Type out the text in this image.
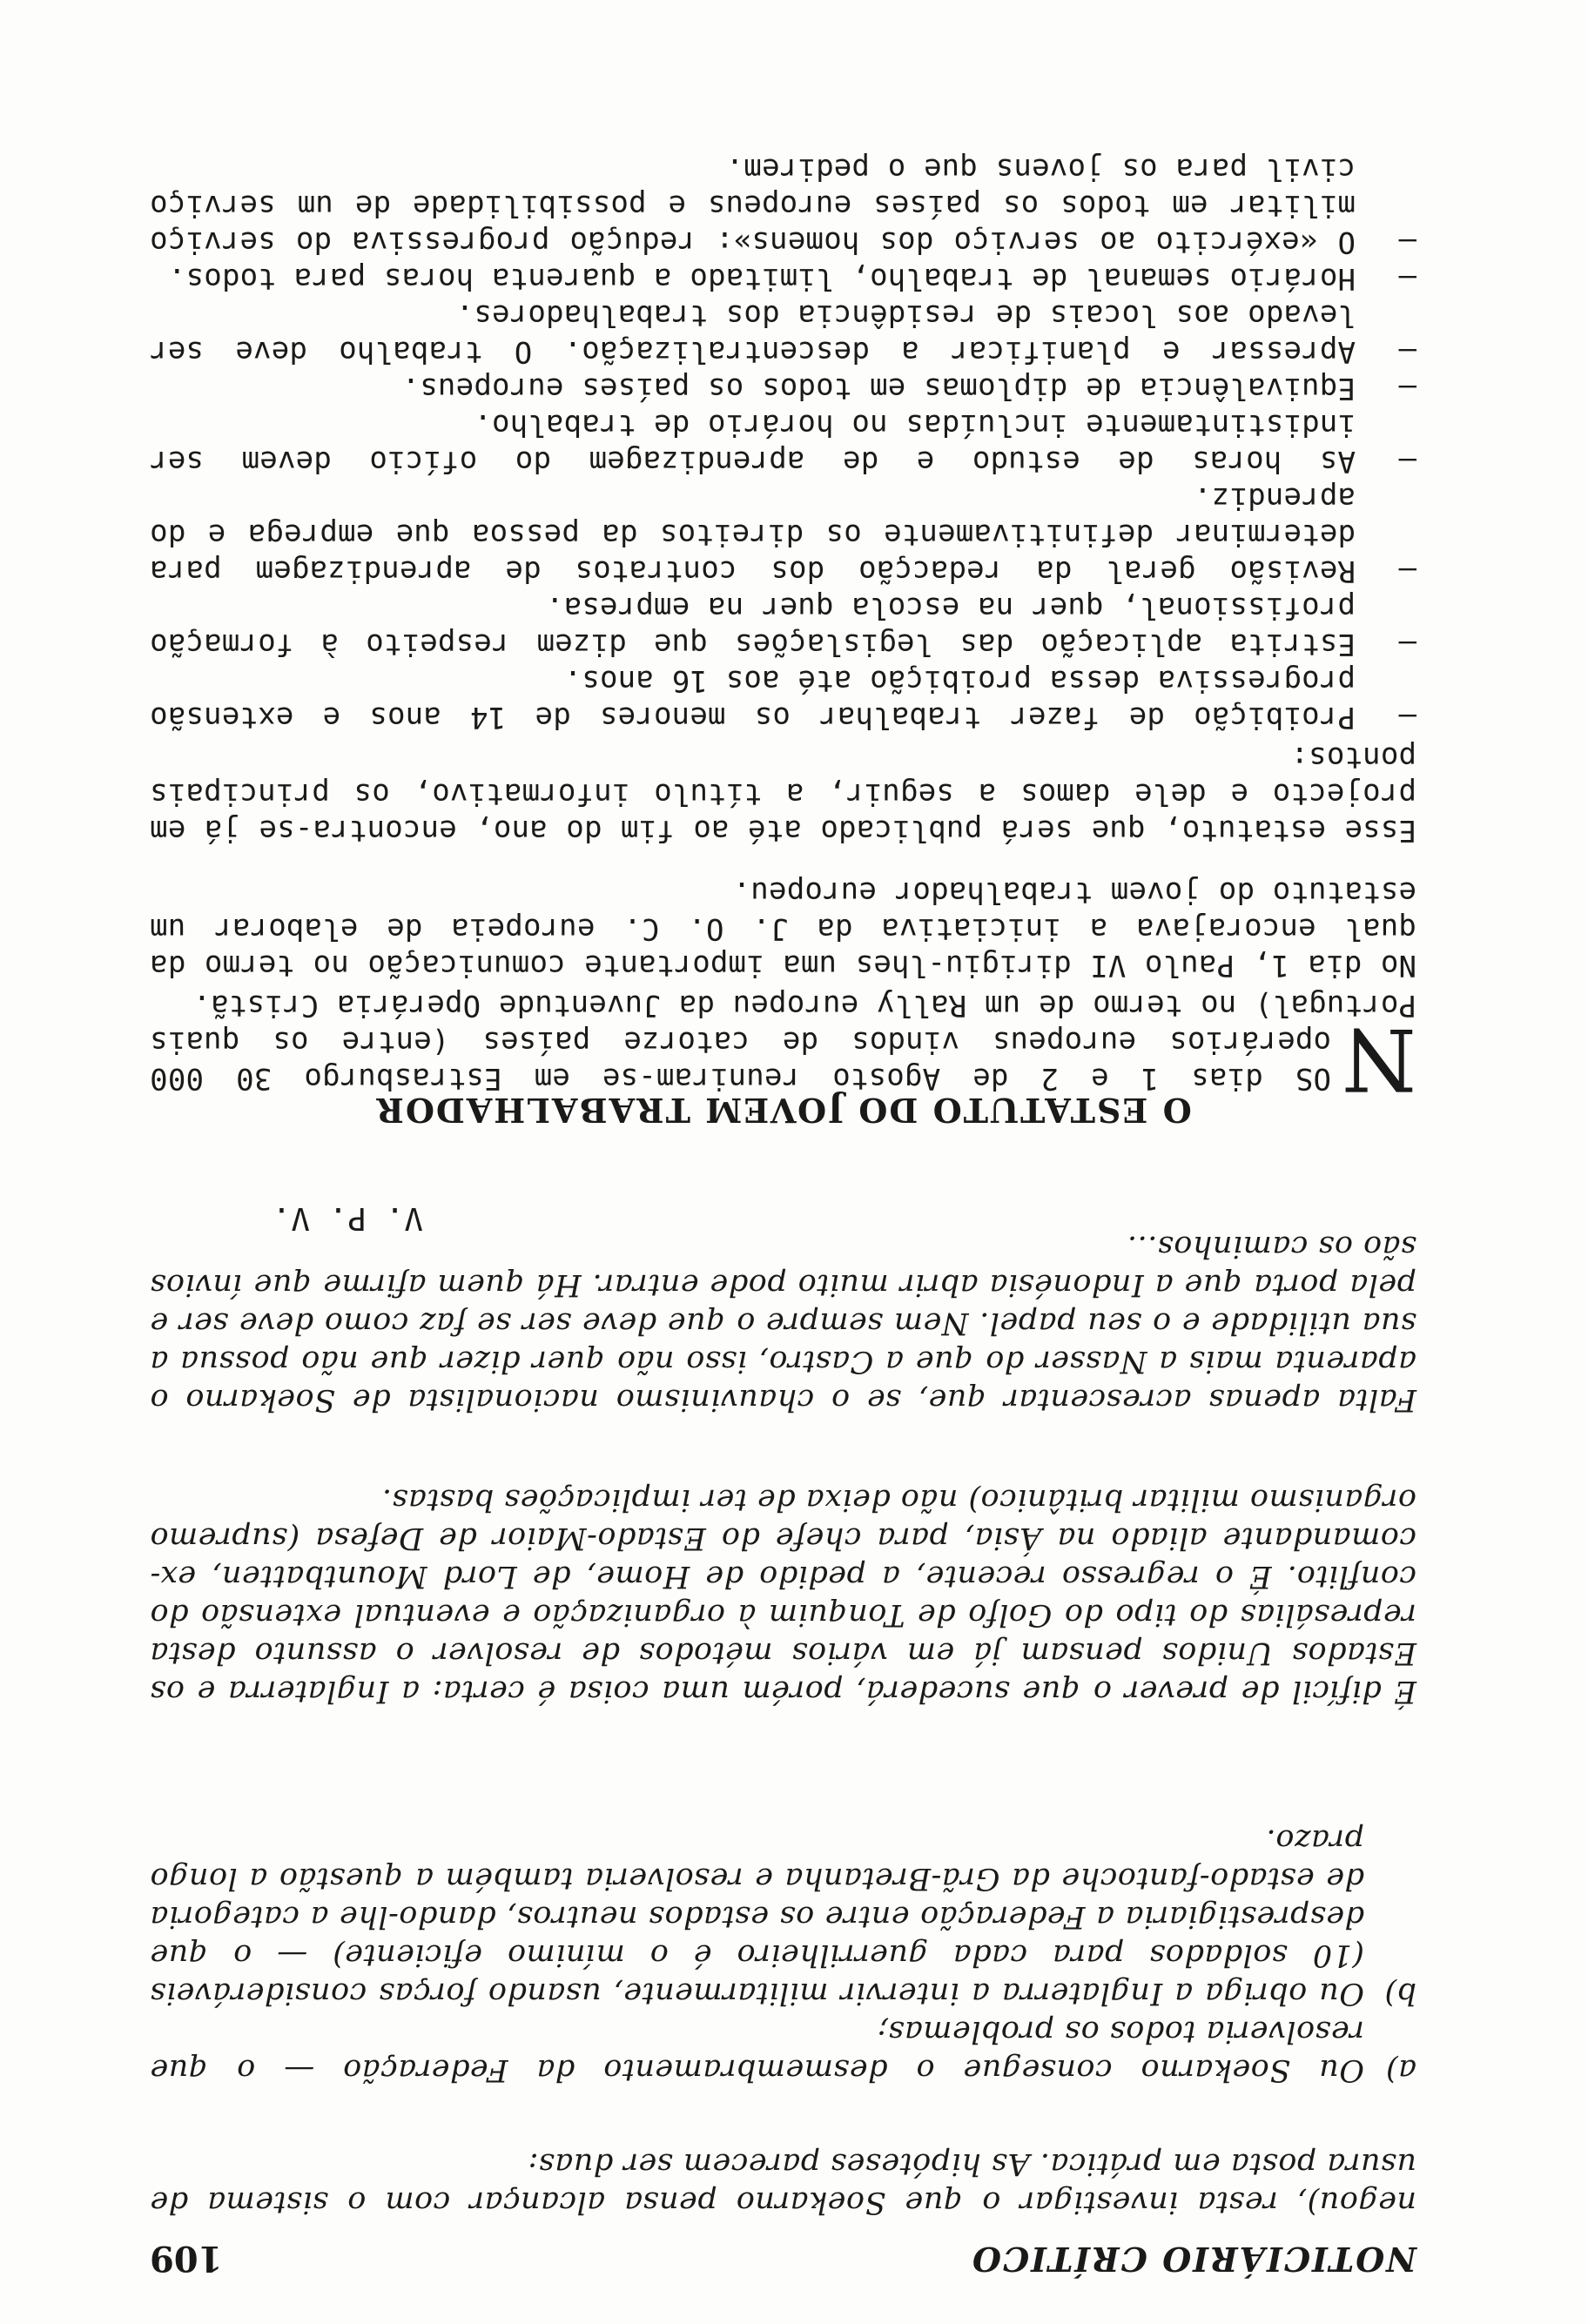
NOTICIÁRIO CRÍTICO
109

negou), resta investigar o que Soekarno pensa alcançar com o sistema de usura posta em prática. As hipóteses parecem ser duas:

a)
Ou Soekarno consegue o desmembramento da Federação — o que resolveria todos os problemas;
b)
Ou obriga a Inglaterra a intervir militarmente, usando forças consideráveis (10 soldados para cada guerrilheiro é o mínimo eficiente) — o que desprestigiaria a Federação entre os estados neutros, dando-lhe a categoria de estado-fantoche da Grã-Bretanha e resolveria também a questão a longo prazo.

É difícil de prever o que sucederá, porém uma coisa é certa: a Inglaterra e os Estados Unidos pensam já em vários métodos de resolver o assunto desta represálias do tipo do Golfo de Tonquim à organização e eventual extensão do conflito. É o regresso recente, a pedido de Home, de Lord Mountbatten, ex-comandante aliado na Ásia, para chefe do Estado-Maior de Defesa (supremo organismo militar britânico) não deixa de ter implicações bastas.

Falta apenas acrescentar que, se o chauvinismo nacionalista de Soekarno o aparenta mais a Nasser do que a Castro, isso não quer dizer que não possua a sua utilidade e o seu papel. Nem sempre o que deve ser se faz como deve ser e pela porta que a Indonésia abrir muito pode entrar. Há quem afirme que ínvios são os caminhos...

V. P. V.
O ESTATUTO DO JOVEM TRABALHADOR
N
OS dias 1 e 2 de Agosto reuniram-se em Estrasburgo 30 000 operários europeus vindos de catorze países (entre os quais Portugal) no termo de um Rally europeu da Juventude Operária Cristã.

No dia 1, Paulo VI dirigiu-lhes uma importante comunicação no termo da qual encorajava a iniciativa da J. O. C. europeia de elaborar um estatuto do jovem trabalhador europeu.

Esse estatuto, que será publicado até ao fim do ano, encontra-se já em projecto e dele damos a seguir, a título informativo, os principais pontos:

—
Proibição de fazer trabalhar os menores de 14 anos e extensão progressiva dessa proibição até aos 16 anos.
—
Estrita aplicação das legislações que dizem respeito à formação profissional, quer na escola quer na empresa.
—
Revisão geral da redacção dos contratos de aprendizagem para determinar definitivamente os direitos da pessoa que emprega e do aprendiz.
—
As horas de estudo e de aprendizagem do ofício devem ser indistintamente incluídas no horário de trabalho.
—
Equivalência de diplomas em todos os países europeus.
—
Apressar e planificar a descentralização. O trabalho deve ser levado aos locais de residência dos trabalhadores.
—
Horário semanal de trabalho, limitado a quarenta horas para todos.
—
O «exército ao serviço dos homens»: redução progressiva do serviço militar em todos os países europeus e possibilidade de um serviço civil para os jovens que o pedirem.
